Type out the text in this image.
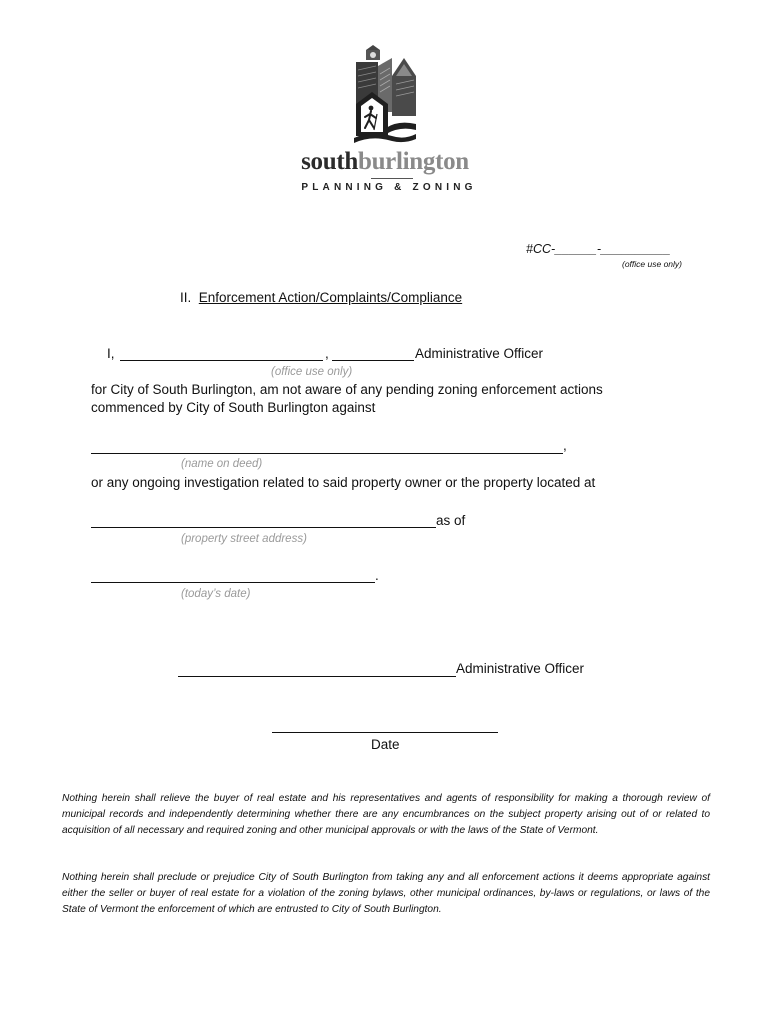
southburlington
PLANNING & ZONING
#CC-______-__________
(office use only)
II. Enforcement Action/Complaints/Compliance
I,	,	Administrative Officer
(office use only)
for City of South Burlington, am not aware of any pending zoning enforcement actions
commenced by City of South Burlington against
,
(name on deed)
or any ongoing investigation related to said property owner or the property located at
as of
(property street address)
.
(today’s date)
Administrative Officer
Date
Nothing herein shall relieve the buyer of real estate and his representatives and agents of responsibility for making a thorough review of municipal records and independently determining whether there are any encumbrances on the subject property arising out of or related to acquisition of all necessary and required zoning and other municipal approvals or with the laws of the State of Vermont.
Nothing herein shall preclude or prejudice City of South Burlington from taking any and all enforcement actions it deems appropriate against either the seller or buyer of real estate for a violation of the zoning bylaws, other municipal ordinances, by-laws or regulations, or laws of the State of Vermont the enforcement of which are entrusted to City of South Burlington.
